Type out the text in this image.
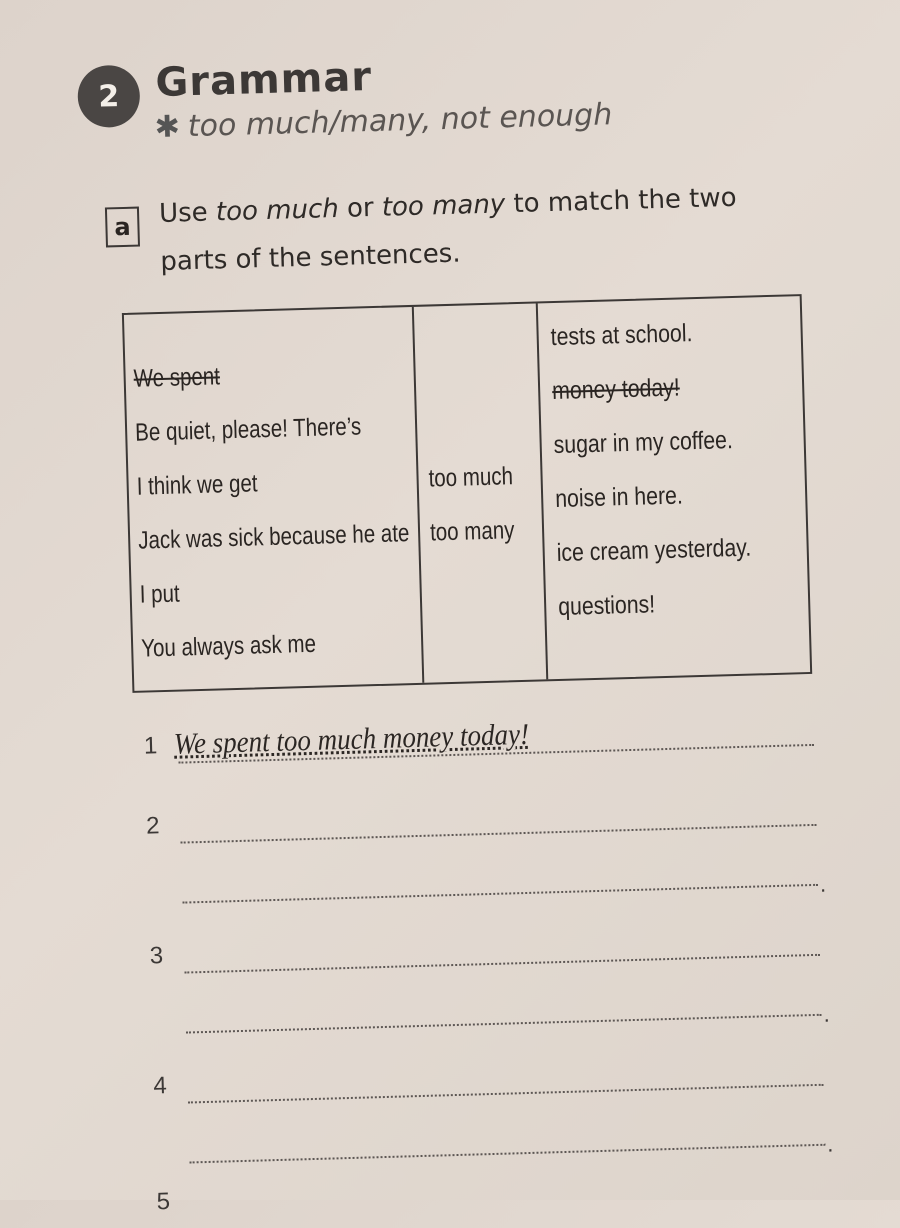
2 Grammar
✱ too much/many, not enough
a	Use too much or too many to match the two parts of the sentences.
We spent
Be quiet, please! There’s
I think we get
Jack was sick because he ate
I put
You always ask me
too much
too many
tests at school.
money today!
sugar in my coffee.
noise in here.
ice cream yesterday.
questions!
1 We spent too much money today!
2
.
3
.
4
.
5
